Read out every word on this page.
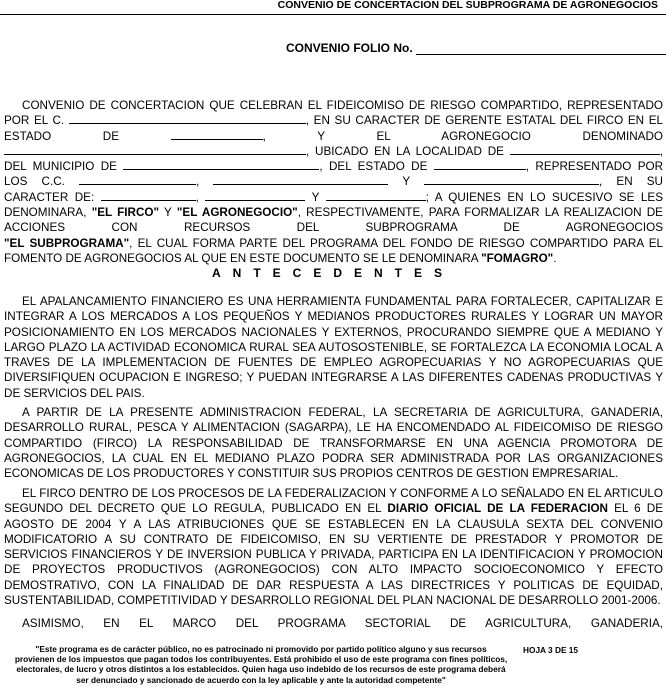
CONVENIO DE CONCERTACION DEL SUBPROGRAMA DE AGRONEGOCIOS
CONVENIO FOLIO No.
CONVENIO DE CONCERTACION QUE CELEBRAN EL FIDEICOMISO DE RIESGO COMPARTIDO, REPRESENTADO
POR EL C.	, EN SU CARACTER DE GERENTE ESTATAL DEL FIRCO EN EL
ESTADO DE	, Y EL AGRONEGOCIO DENOMINADO
, UBICADO EN LA LOCALIDAD DE	,
DEL MUNICIPIO DE	, DEL ESTADO DE	, REPRESENTADO POR
LOS C.C.	,	Y	, EN SU
CARACTER DE:	,	Y	; A QUIENES EN LO SUCESIVO SE LES
DENOMINARA, "EL FIRCO" Y "EL AGRONEGOCIO", RESPECTIVAMENTE, PARA FORMALIZAR LA REALIZACION DE
ACCIONES CON RECURSOS DEL SUBPROGRAMA DE AGRONEGOCIOS
"EL SUBPROGRAMA", EL CUAL FORMA PARTE DEL PROGRAMA DEL FONDO DE RIESGO COMPARTIDO PARA EL
FOMENTO DE AGRONEGOCIOS AL QUE EN ESTE DOCUMENTO SE LE DENOMINARA "FOMAGRO".
ANTECEDENTES
EL APALANCAMIENTO FINANCIERO ES UNA HERRAMIENTA FUNDAMENTAL PARA FORTALECER, CAPITALIZAR E
INTEGRAR A LOS MERCADOS A LOS PEQUEÑOS Y MEDIANOS PRODUCTORES RURALES Y LOGRAR UN MAYOR
POSICIONAMIENTO EN LOS MERCADOS NACIONALES Y EXTERNOS, PROCURANDO SIEMPRE QUE A MEDIANO Y
LARGO PLAZO LA ACTIVIDAD ECONOMICA RURAL SEA AUTOSOSTENIBLE, SE FORTALEZCA LA ECONOMIA LOCAL A
TRAVES DE LA IMPLEMENTACION DE FUENTES DE EMPLEO AGROPECUARIAS Y NO AGROPECUARIAS QUE
DIVERSIFIQUEN OCUPACION E INGRESO; Y PUEDAN INTEGRARSE A LAS DIFERENTES CADENAS PRODUCTIVAS Y
DE SERVICIOS DEL PAIS.
A PARTIR DE LA PRESENTE ADMINISTRACION FEDERAL, LA SECRETARIA DE AGRICULTURA, GANADERIA,
DESARROLLO RURAL, PESCA Y ALIMENTACION (SAGARPA), LE HA ENCOMENDADO AL FIDEICOMISO DE RIESGO
COMPARTIDO (FIRCO) LA RESPONSABILIDAD DE TRANSFORMARSE EN UNA AGENCIA PROMOTORA DE
AGRONEGOCIOS, LA CUAL EN EL MEDIANO PLAZO PODRA SER ADMINISTRADA POR LAS ORGANIZACIONES
ECONOMICAS DE LOS PRODUCTORES Y CONSTITUIR SUS PROPIOS CENTROS DE GESTION EMPRESARIAL.
EL FIRCO DENTRO DE LOS PROCESOS DE LA FEDERALIZACION Y CONFORME A LO SEÑALADO EN EL ARTICULO
SEGUNDO DEL DECRETO QUE LO REGULA, PUBLICADO EN EL DIARIO OFICIAL DE LA FEDERACION EL 6 DE
AGOSTO DE 2004 Y A LAS ATRIBUCIONES QUE SE ESTABLECEN EN LA CLAUSULA SEXTA DEL CONVENIO
MODIFICATORIO A SU CONTRATO DE FIDEICOMISO, EN SU VERTIENTE DE PRESTADOR Y PROMOTOR DE
SERVICIOS FINANCIEROS Y DE INVERSION PUBLICA Y PRIVADA, PARTICIPA EN LA IDENTIFICACION Y PROMOCION
DE PROYECTOS PRODUCTIVOS (AGRONEGOCIOS) CON ALTO IMPACTO SOCIOECONOMICO Y EFECTO
DEMOSTRATIVO, CON LA FINALIDAD DE DAR RESPUESTA A LAS DIRECTRICES Y POLITICAS DE EQUIDAD,
SUSTENTABILIDAD, COMPETITIVIDAD Y DESARROLLO REGIONAL DEL PLAN NACIONAL DE DESARROLLO 2001-2006.
ASIMISMO, EN EL MARCO DEL PROGRAMA SECTORIAL DE AGRICULTURA, GANADERIA,
"Este programa es de carácter público, no es patrocinado ni promovido por partido político alguno y sus recursos
provienen de los impuestos que pagan todos los contribuyentes. Está prohibido el uso de este programa con fines políticos,
electorales, de lucro y otros distintos a los establecidos. Quien haga uso indebido de los recursos de este programa deberá
ser denunciado y sancionado de acuerdo con la ley aplicable y ante la autoridad competente"
HOJA 3 DE 15
